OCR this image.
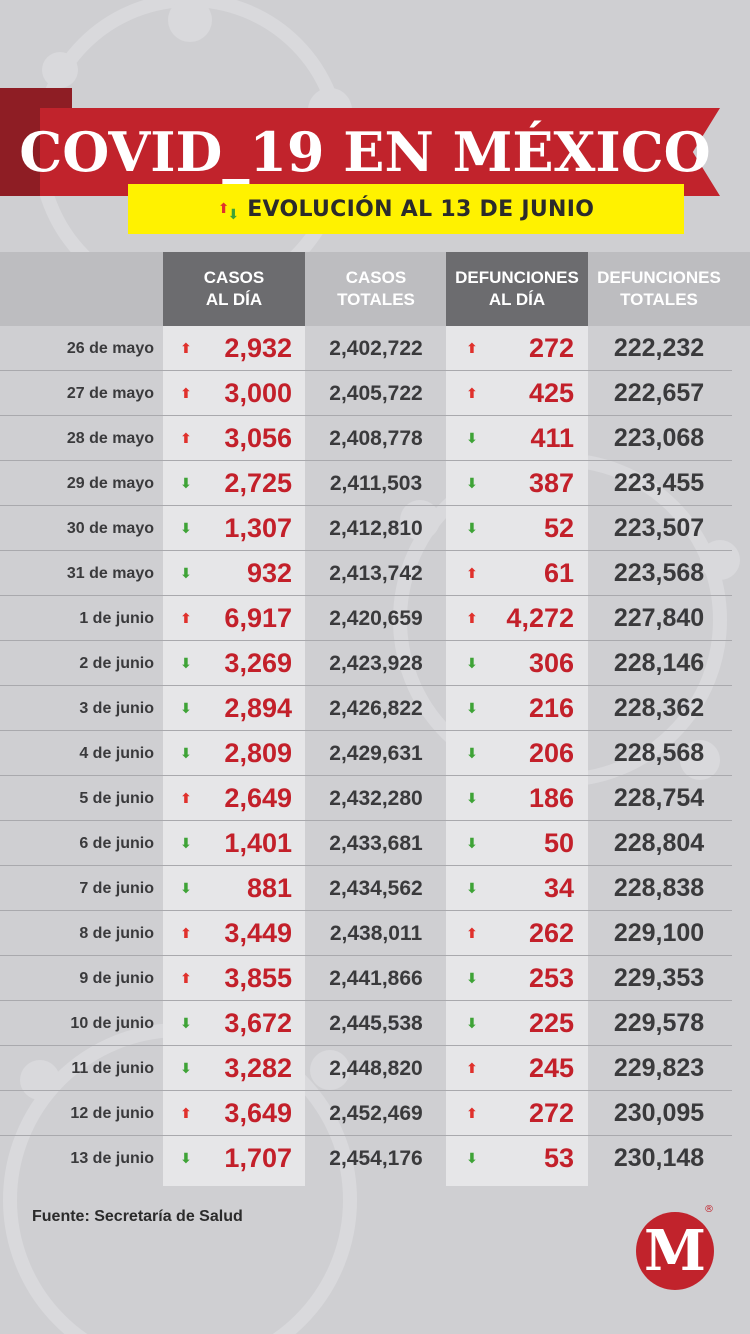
COVID_19 EN MÉXICO
⬆
⬇ EVOLUCIÓN AL 13 DE JUNIO
CASOS
AL DÍA
CASOS
TOTALES
DEFUNCIONES
AL DÍA
DEFUNCIONES
TOTALES
26 de mayo ⬆	2,932	2,402,722	⬆	272	222,232
27 de mayo ⬆	3,000	2,405,722	⬆	425	222,657
28 de mayo ⬆	3,056	2,408,778	⬇	411	223,068
29 de mayo ⬇	2,725	2,411,503	⬇	387	223,455
30 de mayo ⬇	1,307	2,412,810	⬇	52	223,507
31 de mayo ⬇	932	2,413,742	⬆	61	223,568
1 de junio ⬆	6,917	2,420,659	⬆	4,272	227,840
2 de junio ⬇	3,269	2,423,928	⬇	306	228,146
3 de junio ⬇	2,894	2,426,822	⬇	216	228,362
4 de junio ⬇	2,809	2,429,631	⬇	206	228,568
5 de junio ⬆	2,649	2,432,280	⬇	186	228,754
6 de junio ⬇	1,401	2,433,681	⬇	50	228,804
7 de junio ⬇	881	2,434,562	⬇	34	228,838
8 de junio ⬆	3,449	2,438,011	⬆	262	229,100
9 de junio ⬆	3,855	2,441,866	⬇	253	229,353
10 de junio ⬇	3,672	2,445,538	⬇	225	229,578
11 de junio ⬇	3,282	2,448,820	⬆	245	229,823
12 de junio ⬆	3,649	2,452,469	⬆	272	230,095
13 de junio ⬇	1,707	2,454,176	⬇	53	230,148
Fuente: Secretaría de Salud
M
®
